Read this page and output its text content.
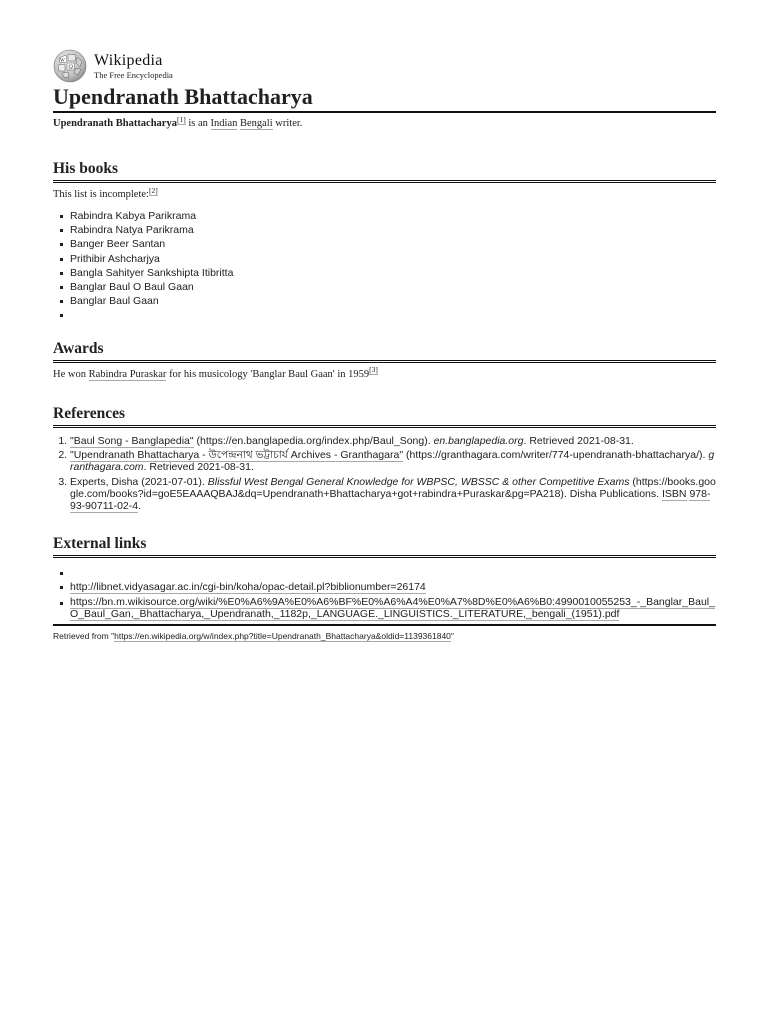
Ω
W Wikipedia
The Free Encyclopedia
Upendranath Bhattacharya

Upendranath Bhattacharya[1] is an Indian Bengali writer.

His books

This list is incomplete:[2]

Rabindra Kabya Parikrama
Rabindra Natya Parikrama
Banger Beer Santan
Prithibir Ashcharjya
Bangla Sahityer Sankshipta Itibritta
Banglar Baul O Baul Gaan
Banglar Baul Gaan
Awards

He won Rabindra Puraskar for his musicology 'Banglar Baul Gaan' in 1959[3]

References
1. "Baul Song - Banglapedia" (https://en.banglapedia.org/index.php/Baul_Song). en.banglapedia.org. Retrieved 2021-08-31.
2. "Upendranath Bhattacharya - উপেন্দ্রনাথ ভট্টাচার্য Archives - Granthagara" (https://granthagara.com/writer/774-upendranath-bhattacharya/). granthagara.com. Retrieved 2021-08-31.
3. Experts, Disha (2021-07-01). Blissful West Bengal General Knowledge for WBPSC, WBSSC & other Competitive Exams (https://books.google.com/books?id=goE5EAAAQBAJ&dq=Upendranath+Bhattacharya+got+rabindra+Puraskar&pg=PA218). Disha Publications. ISBN 978-93-90711-02-4.
External links
http://libnet.vidyasagar.ac.in/cgi-bin/koha/opac-detail.pl?biblionumber=26174
https://bn.m.wikisource.org/wiki/%E0%A6%9A%E0%A6%BF%E0%A6%A4%E0%A7%8D%E0%A6%B0:4990010055253_-_Banglar_Baul_O_Baul_Gan,_Bhattacharya,_Upendranath,_1182p,_LANGUAGE._LINGUISTICS._LITERATURE,_bengali_(1951).pdf
Retrieved from "https://en.wikipedia.org/w/index.php?title=Upendranath_Bhattacharya&oldid=1139361840"
